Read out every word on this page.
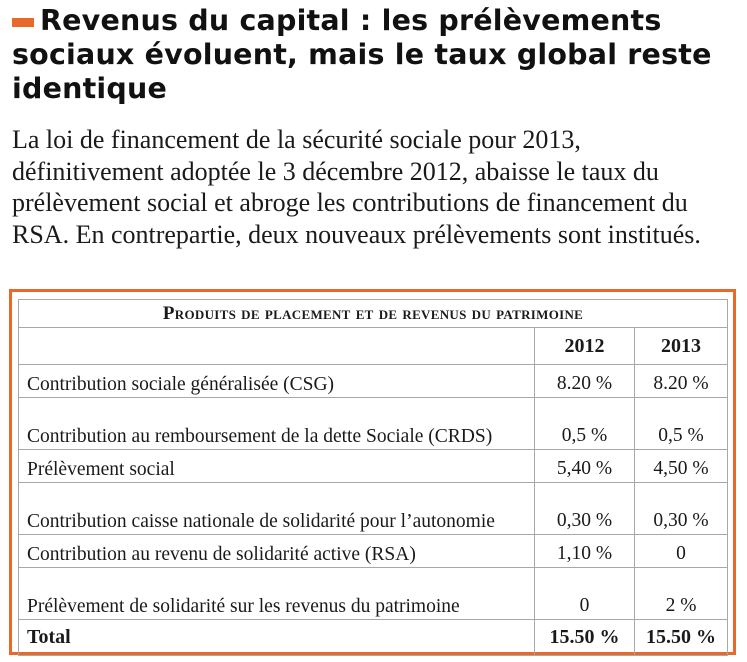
Revenus du capital : les prélèvements sociaux évoluent, mais le taux global reste identique
La loi de financement de la sécurité sociale pour 2013, définitivement adoptée le 3 décembre 2012, abaisse le taux du prélèvement social et abroge les contributions de financement du RSA. En contrepartie, deux nouveaux prélèvements sont institués.
Produits de placement et de revenus du patrimoine		
	2012	2013
Contribution sociale généralisée (CSG)	8.20 %	8.20 %
Contribution au remboursement de la dette Sociale (CRDS)	0,5 %	0,5 %
Prélèvement social	5,40 %	4,50 %
Contribution caisse nationale de solidarité pour l’autonomie	0,30 %	0,30 %
Contribution au revenu de solidarité active (RSA)	1,10 %	0
Prélèvement de solidarité sur les revenus du patrimoine	0	2 %
Total	15.50 %	15.50 %
